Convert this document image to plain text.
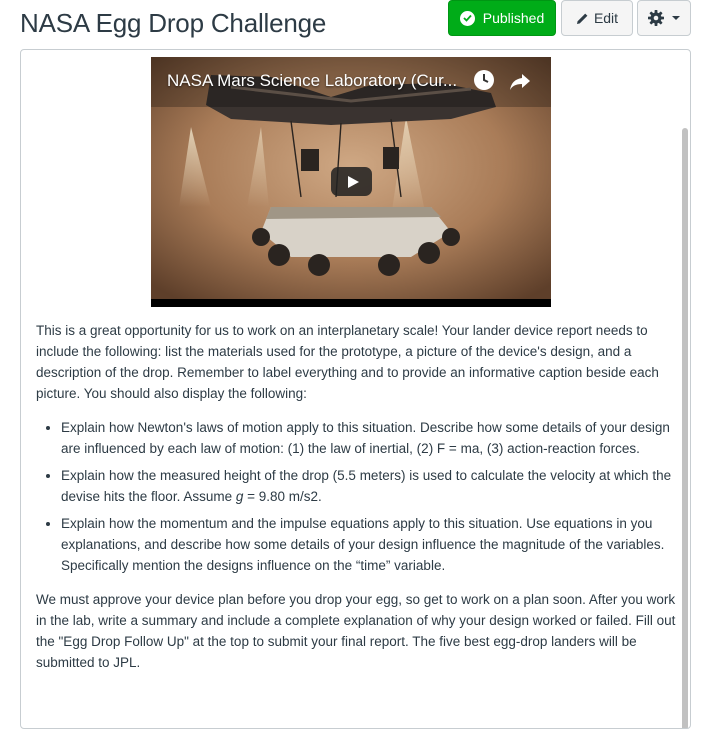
NASA Egg Drop Challenge	Published	Edit
NASA Mars Science Laboratory (Cur...

This is a great opportunity for us to work on an interplanetary scale! Your lander device report needs to include the following: list the materials used for the prototype, a picture of the device's design, and a description of the drop. Remember to label everything and to provide an informative caption beside each picture. You should also display the following:

• Explain how Newton's laws of motion apply to this situation. Describe how some details of your design are influenced by each law of motion: (1) the law of inertial, (2) F = ma, (3) action-reaction forces.
• Explain how the measured height of the drop (5.5 meters) is used to calculate the velocity at which the devise hits the floor. Assume g = 9.80 m/s2.
• Explain how the momentum and the impulse equations apply to this situation. Use equations in you explanations, and describe how some details of your design influence the magnitude of the variables. Specifically mention the designs influence on the “time” variable.

We must approve your device plan before you drop your egg, so get to work on a plan soon. After you work in the lab, write a summary and include a complete explanation of why your design worked or failed. Fill out the "Egg Drop Follow Up" at the top to submit your final report. The five best egg-drop landers will be submitted to JPL.
